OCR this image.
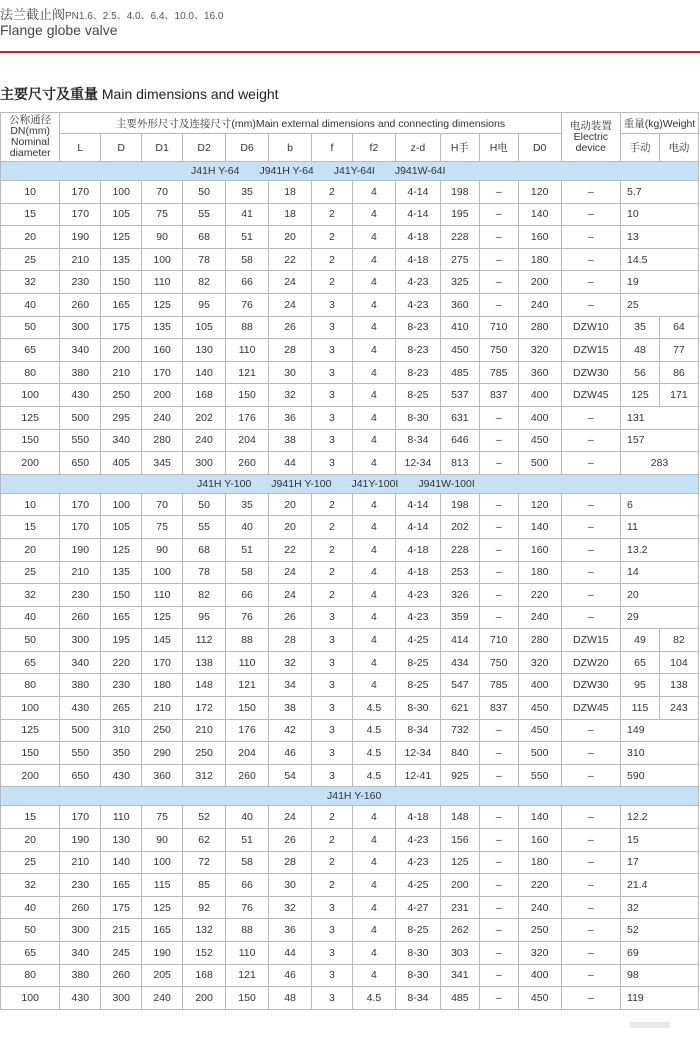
法兰截止阀PN1.6、2.5、4.0、6.4、10.0、16.0
Flange globe valve
主要尺寸及重量 Main dimensions and weight
公称通径 DN(mm) Nominal diameter	主要外形尺寸及连接尺寸(mm)Main external dimensions and connecting dimensions												电动装置 Electric device	重量(kg)Weight	
	L	D	D1	D2	D6	b	f	f2	z-d	H手	H电	D0		手动	电动
J41H Y-64 J941H Y-64 J41Y-64I J941W-64I															
10	170	100	70	50	35	18	2	4	4-14	198	–	120	–	5.7	
15	170	105	75	55	41	18	2	4	4-14	195	–	140	–	10	
20	190	125	90	68	51	20	2	4	4-18	228	–	160	–	13	
25	210	135	100	78	58	22	2	4	4-18	275	–	180	–	14.5	
32	230	150	110	82	66	24	2	4	4-23	325	–	200	–	19	
40	260	165	125	95	76	24	3	4	4-23	360	–	240	–	25	
50	300	175	135	105	88	26	3	4	8-23	410	710	280	DZW10	35	64
65	340	200	160	130	110	28	3	4	8-23	450	750	320	DZW15	48	77
80	380	210	170	140	121	30	3	4	8-23	485	785	360	DZW30	56	86
100	430	250	200	168	150	32	3	4	8-25	537	837	400	DZW45	125	171
125	500	295	240	202	176	36	3	4	8-30	631	–	400	–	131	
150	550	340	280	240	204	38	3	4	8-34	646	–	450	–	157	
200	650	405	345	300	260	44	3	4	12-34	813	–	500	–	283	
J41H Y-100 J941H Y-100 J41Y-100I J941W-100I															
10	170	100	70	50	35	20	2	4	4-14	198	–	120	–	6	
15	170	105	75	55	40	20	2	4	4-14	202	–	140	–	11	
20	190	125	90	68	51	22	2	4	4-18	228	–	160	–	13.2	
25	210	135	100	78	58	24	2	4	4-18	253	–	180	–	14	
32	230	150	110	82	66	24	2	4	4-23	326	–	220	–	20	
40	260	165	125	95	76	26	3	4	4-23	359	–	240	–	29	
50	300	195	145	112	88	28	3	4	4-25	414	710	280	DZW15	49	82
65	340	220	170	138	110	32	3	4	8-25	434	750	320	DZW20	65	104
80	380	230	180	148	121	34	3	4	8-25	547	785	400	DZW30	95	138
100	430	265	210	172	150	38	3	4.5	8-30	621	837	450	DZW45	115	243
125	500	310	250	210	176	42	3	4.5	8-34	732	–	450	–	149	
150	550	350	290	250	204	46	3	4.5	12-34	840	–	500	–	310	
200	650	430	360	312	260	54	3	4.5	12-41	925	–	550	–	590	
J41H Y-160															
15	170	110	75	52	40	24	2	4	4-18	148	–	140	–	12.2	
20	190	130	90	62	51	26	2	4	4-23	156	–	160	–	15	
25	210	140	100	72	58	28	2	4	4-23	125	–	180	–	17	
32	230	165	115	85	66	30	2	4	4-25	200	–	220	–	21.4	
40	260	175	125	92	76	32	3	4	4-27	231	–	240	–	32	
50	300	215	165	132	88	36	3	4	8-25	262	–	250	–	52	
65	340	245	190	152	110	44	3	4	8-30	303	–	320	–	69	
80	380	260	205	168	121	46	3	4	8-30	341	–	400	–	98	
100	430	300	240	200	150	48	3	4.5	8-34	485	–	450	–	119	
